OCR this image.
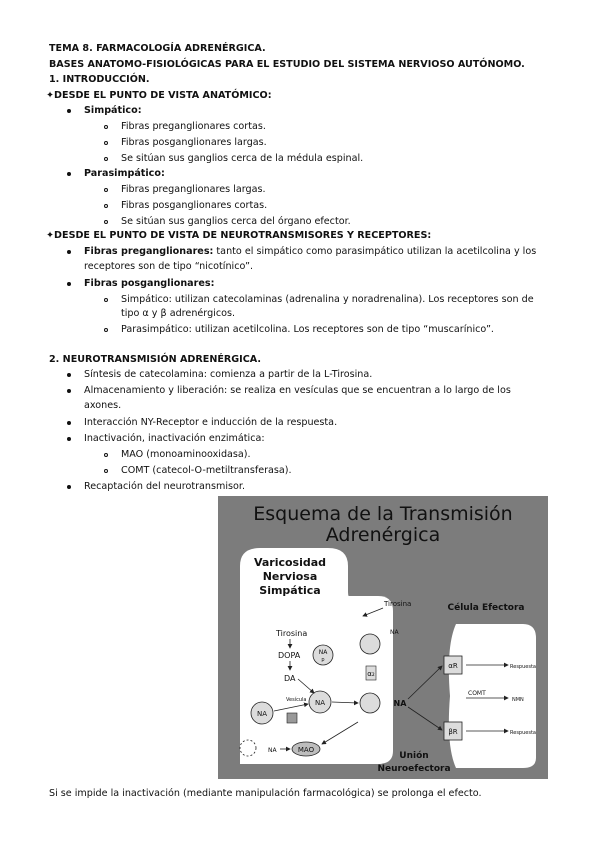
TEMA 8. FARMACOLOGÍA ADRENÉRGICA.
BASES ANATOMO-FISIOLÓGICAS PARA EL ESTUDIO DEL SISTEMA NERVIOSO AUTÓNOMO.
1. INTRODUCCIÓN.
✦DESDE EL PUNTO DE VISTA ANATÓMICO:
Simpático:
Fibras preganglionares cortas.
Fibras posganglionares largas.
Se sitúan sus ganglios cerca de la médula espinal.
Parasimpático:
Fibras preganglionares largas.
Fibras posganglionares cortas.
Se sitúan sus ganglios cerca del órgano efector.
✦DESDE EL PUNTO DE VISTA DE NEUROTRANSMISORES Y RECEPTORES:
Fibras preganglionares: tanto el simpático como parasimpático utilizan la acetilcolina y los
receptores son de tipo “nicotínico”.
Fibras posganglionares:
Simpático: utilizan catecolaminas (adrenalina y noradrenalina). Los receptores son de
tipo α y β adrenérgicos.
Parasimpático: utilizan acetilcolina. Los receptores son de tipo “muscarínico”.
2. NEUROTRANSMISIÓN ADRENÉRGICA.
Síntesis de catecolamina: comienza a partir de la L-Tirosina.
Almacenamiento y liberación: se realiza en vesículas que se encuentran a lo largo de los
axones.
Interacción NY-Receptor e inducción de la respuesta.
Inactivación, inactivación enzimática:
MAO (monoaminooxidasa).
COMT (catecol-O-metiltransferasa).
Recaptación del neurotransmisor.
Esquema de la Transmisión
Adrenérgica
Varicosidad
Nerviosa
Simpática
Célula Efectora
Unión
Neuroefectora
Tirosina
Tirosina
DOPA
DA
NA
p
NA
Vesícula
NA
NA
α₂
NA
MAO
NA
αR
βR
COMT
NMN
Respuesta
Respuesta
Si se impide la inactivación (mediante manipulación farmacológica) se prolonga el efecto.
